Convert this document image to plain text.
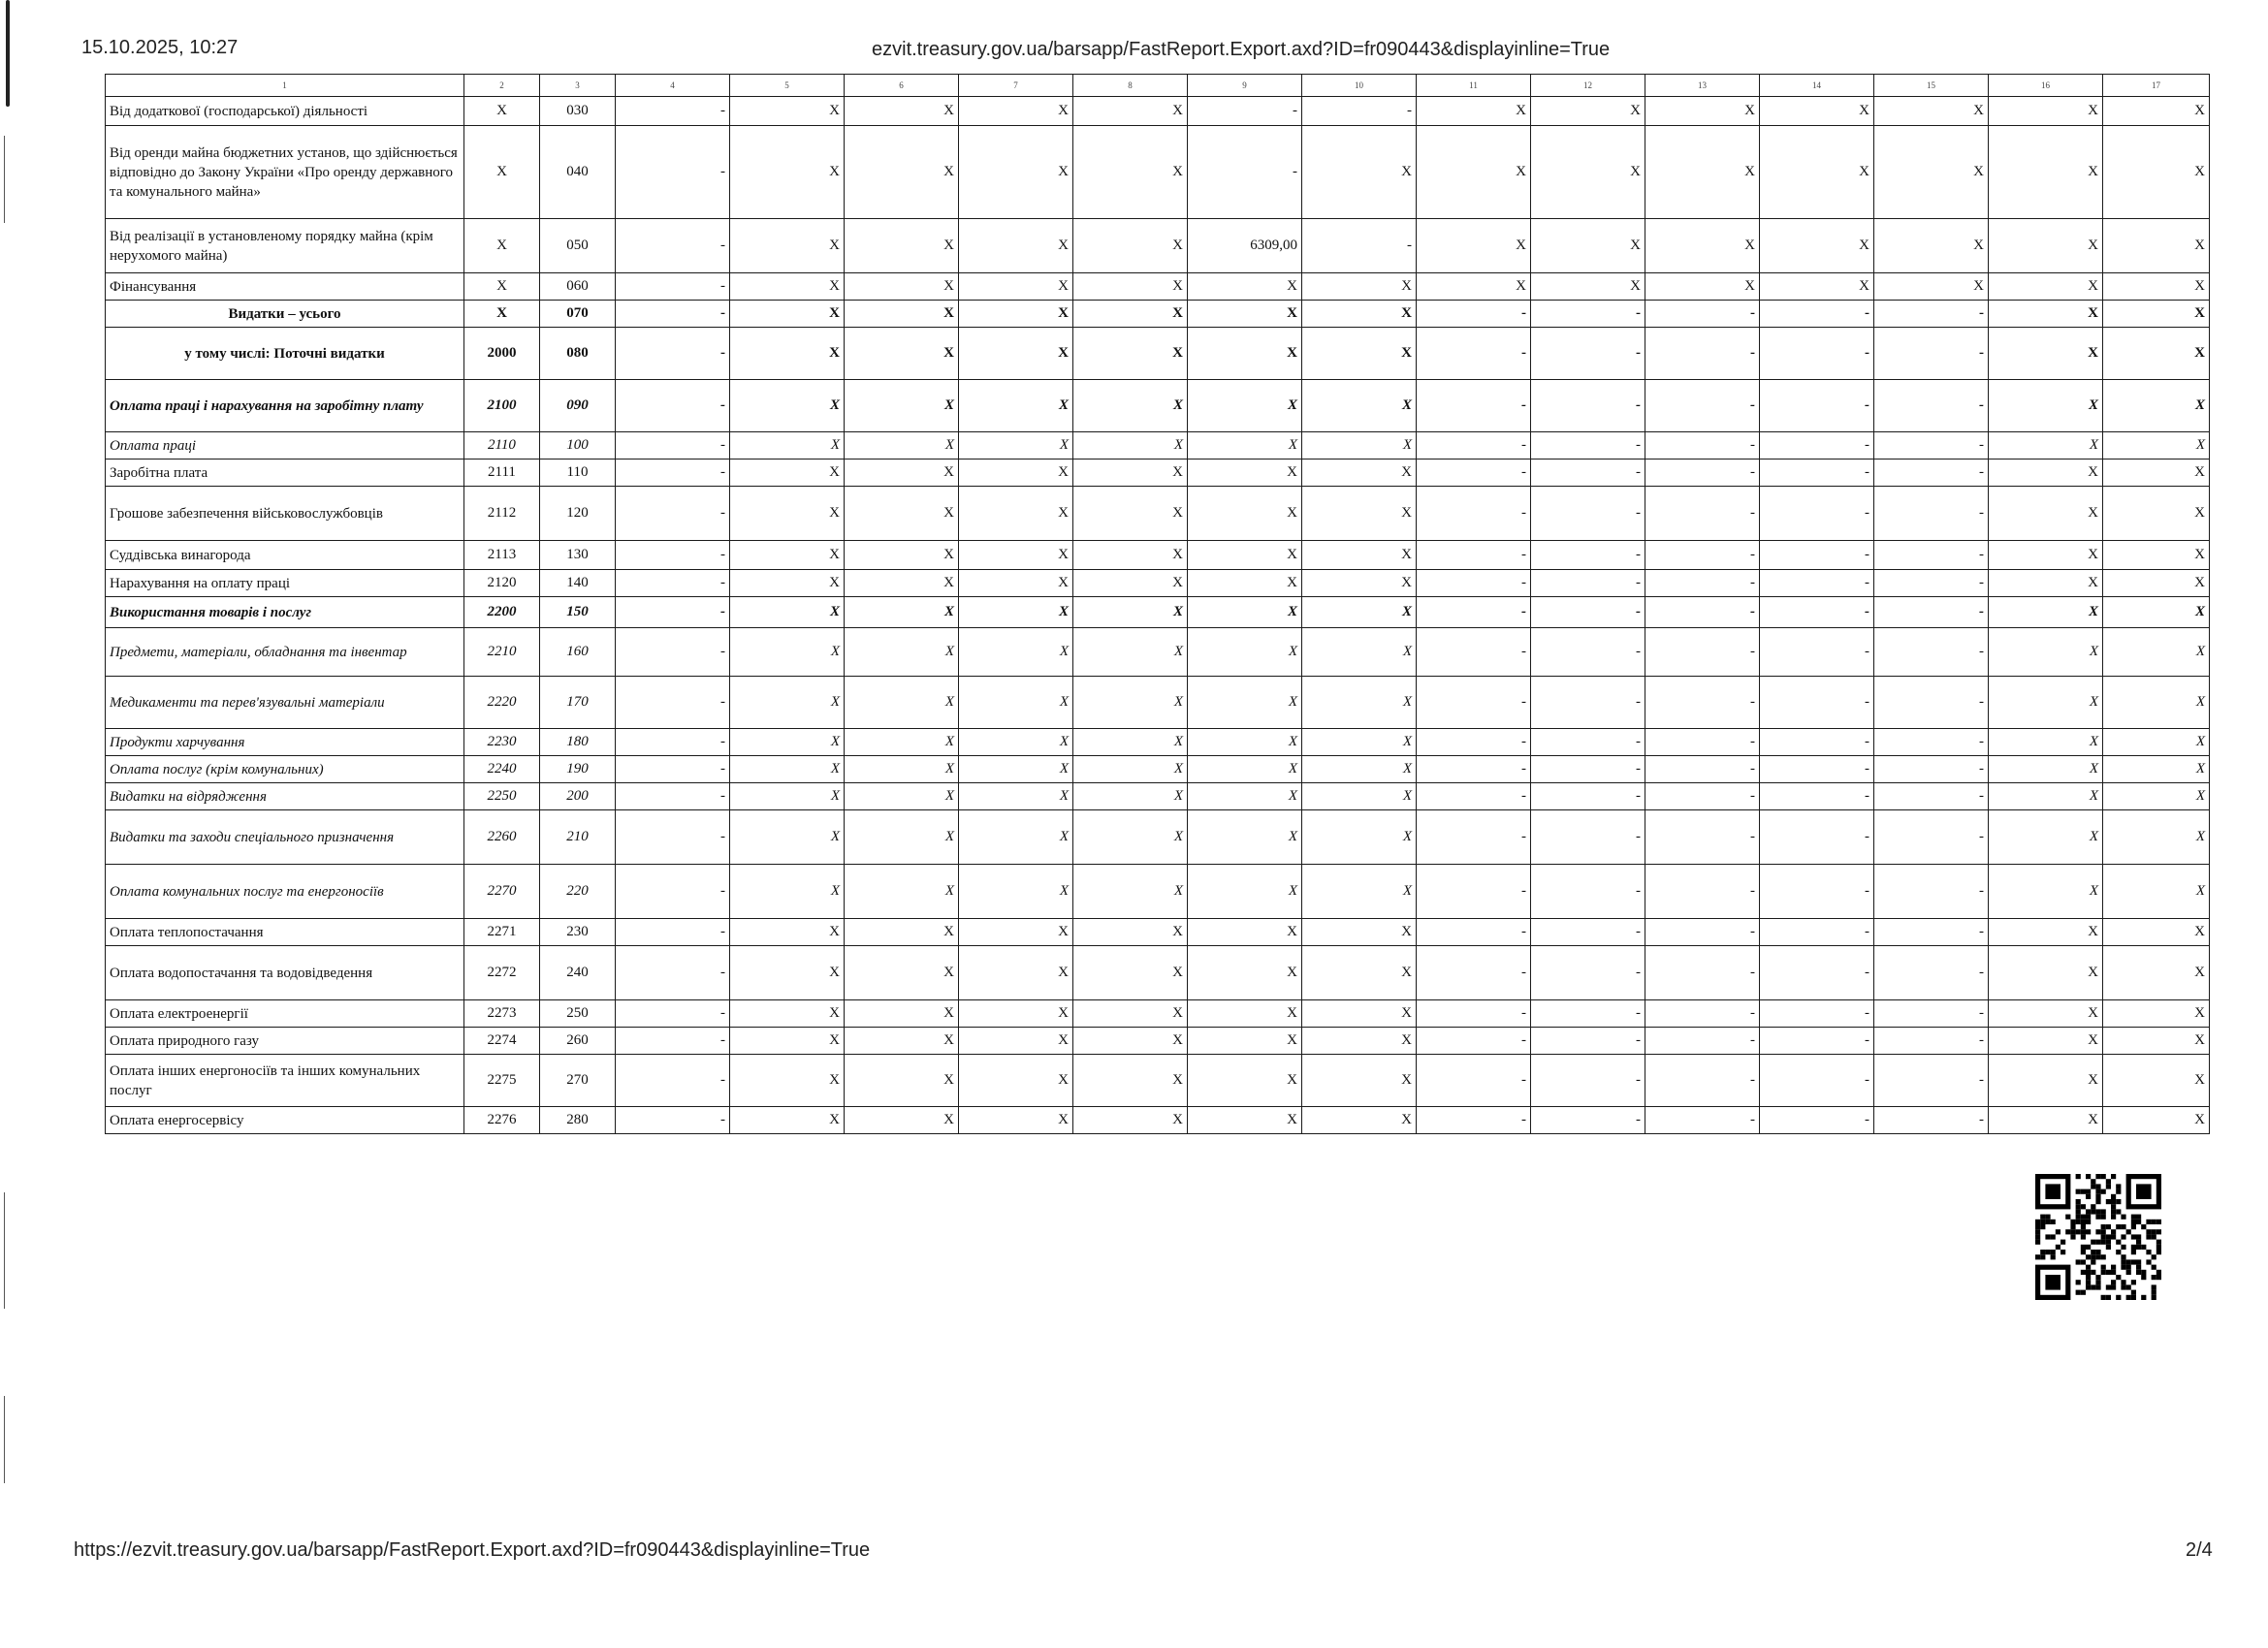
15.10.2025, 10:27	ezvit.treasury.gov.ua/barsapp/FastReport.Export.axd?ID=fr090443&displayinline=True
1	2	3	4	5	6	7	8	9	10	11	12	13	14	15	16	17
Від додаткової (господарської) діяльності	X	030	-	X	X	X	X	-	-	X	X	X	X	X	X	X
Від оренди майна бюджетних установ, що здійснюється відповідно до Закону України «Про оренду державного та комунального майна»	X	040	-	X	X	X	X	-	X	X	X	X	X	X	X	X
Від реалізації в установленому порядку майна (крім нерухомого майна)	X	050	-	X	X	X	X	6309,00	-	X	X	X	X	X	X	X
Фінансування	X	060	-	X	X	X	X	X	X	X	X	X	X	X	X	X
Видатки – усього	X	070	-	X	X	X	X	X	X	-	-	-	-	-	X	X
у тому числі: Поточні видатки	2000	080	-	X	X	X	X	X	X	-	-	-	-	-	X	X
Оплата праці і нарахування на заробітну плату	2100	090	-	X	X	X	X	X	X	-	-	-	-	-	X	X
Оплата праці	2110	100	-	X	X	X	X	X	X	-	-	-	-	-	X	X
Заробітна плата	2111	110	-	X	X	X	X	X	X	-	-	-	-	-	X	X
Грошове забезпечення військовослужбовців	2112	120	-	X	X	X	X	X	X	-	-	-	-	-	X	X
Суддівська винагорода	2113	130	-	X	X	X	X	X	X	-	-	-	-	-	X	X
Нарахування на оплату праці	2120	140	-	X	X	X	X	X	X	-	-	-	-	-	X	X
Використання товарів і послуг	2200	150	-	X	X	X	X	X	X	-	-	-	-	-	X	X
Предмети, матеріали, обладнання та інвентар	2210	160	-	X	X	X	X	X	X	-	-	-	-	-	X	X
Медикаменти та перев'язувальні матеріали	2220	170	-	X	X	X	X	X	X	-	-	-	-	-	X	X
Продукти харчування	2230	180	-	X	X	X	X	X	X	-	-	-	-	-	X	X
Оплата послуг (крім комунальних)	2240	190	-	X	X	X	X	X	X	-	-	-	-	-	X	X
Видатки на відрядження	2250	200	-	X	X	X	X	X	X	-	-	-	-	-	X	X
Видатки та заходи спеціального призначення	2260	210	-	X	X	X	X	X	X	-	-	-	-	-	X	X
Оплата комунальних послуг та енергоносіїв	2270	220	-	X	X	X	X	X	X	-	-	-	-	-	X	X
Оплата теплопостачання	2271	230	-	X	X	X	X	X	X	-	-	-	-	-	X	X
Оплата водопостачання та водовідведення	2272	240	-	X	X	X	X	X	X	-	-	-	-	-	X	X
Оплата електроенергії	2273	250	-	X	X	X	X	X	X	-	-	-	-	-	X	X
Оплата природного газу	2274	260	-	X	X	X	X	X	X	-	-	-	-	-	X	X
Оплата інших енергоносіїв та інших комунальних послуг	2275	270	-	X	X	X	X	X	X	-	-	-	-	-	X	X
Оплата енергосервісу	2276	280	-	X	X	X	X	X	X	-	-	-	-	-	X	X
https://ezvit.treasury.gov.ua/barsapp/FastReport.Export.axd?ID=fr090443&displayinline=True	2/4
